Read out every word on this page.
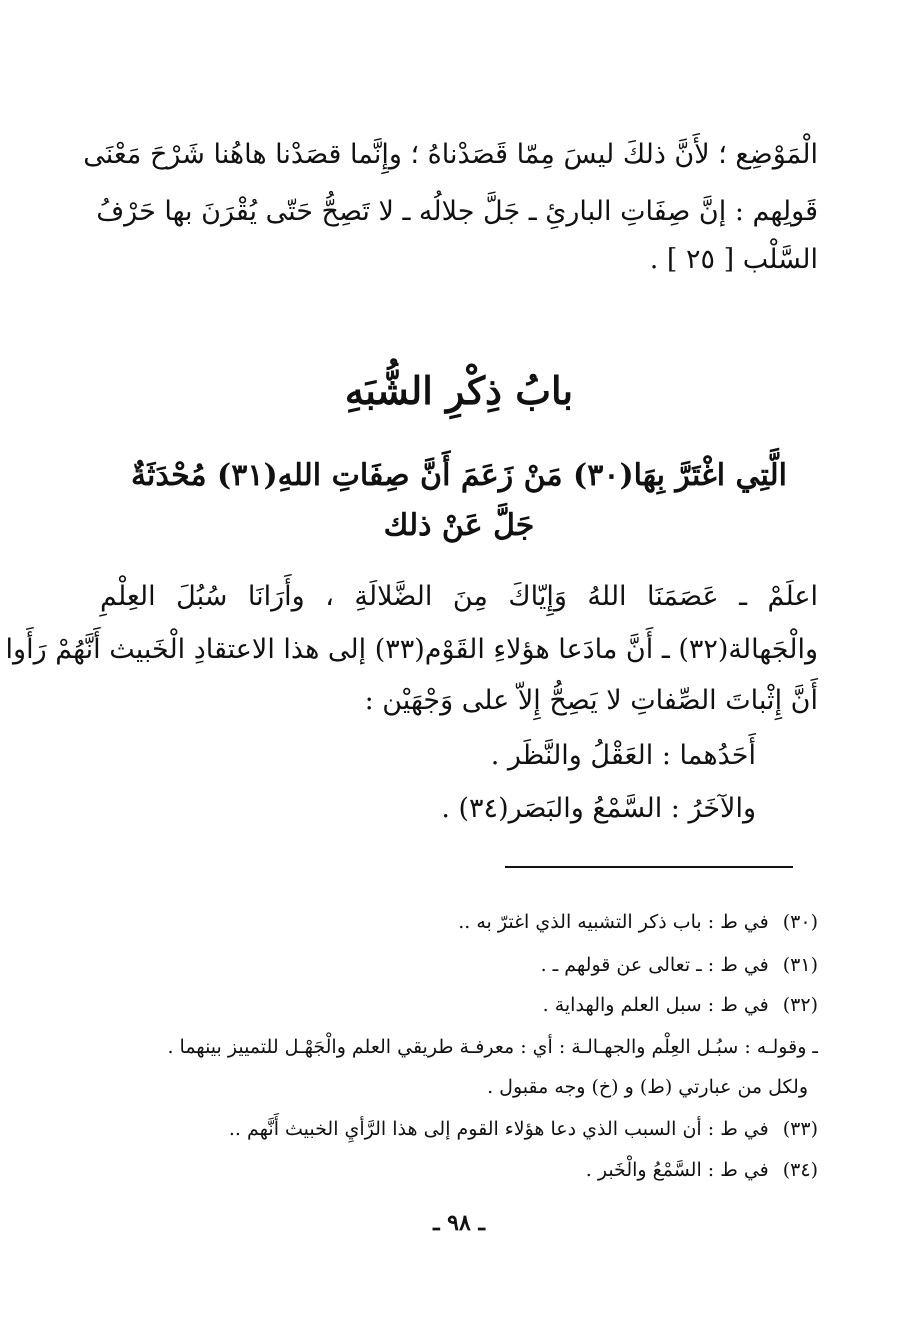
الْمَوْضِع ؛ لأَنَّ ذلكَ ليسَ مِمّا قَصَدْناهُ ؛ وإِنَّما قصَدْنا هاهُنا شَرْحَ مَعْنَى
قَولِهم : إنَّ صِفَاتِ البارئِ ـ جَلَّ جلالُه ـ لا تَصِحُّ حَتّى يُقْرَنَ بها حَرْفُ
السَّلْب [ ٢٥ ] .
بابُ ذِكْرِ الشُّبَهِ
الَّتِي اغْتَرَّ بِهَا(٣٠) مَنْ زَعَمَ أَنَّ صِفَاتِ اللهِ(٣١) مُحْدَثَةٌ
جَلَّ عَنْ ذلك
اعلَمْ ـ عَصَمَنَا اللهُ وَإِيّاكَ مِنَ الضَّلالَةِ ، وأَرَانَا سُبُلَ العِلْمِ
والْجَهالة(٣٢) ـ أَنَّ مادَعا هؤلاءِ القَوْم(٣٣) إلى هذا الاعتقادِ الْخَبيث أَنَّهُمْ رَأَوا
أَنَّ إِثْباتَ الصِّفاتِ لا يَصِحُّ إِلاّ على وَجْهَيْن :
أَحَدُهما : العَقْلُ والنَّظَر .
والآخَرُ : السَّمْعُ والبَصَر(٣٤) .
(٣٠)في ط : باب ذكر التشبيه الذي اغترّ به ..
(٣١)في ط : ـ تعالى عن قولهم ـ .
(٣٢)في ط : سبل العلم والهداية .
ـ وقولـه : سبُـل العِلْم والجهـالـة : أي : معرفـة طريقي العلم والْجَهْـل للتمييز بينهما .
ولكل من عبارتي (ط) و (خ) وجه مقبول .
(٣٣)في ط : أن السبب الذي دعا هؤلاء القوم إلى هذا الرَّأيِ الخبيث أَنَّهم ..
(٣٤)في ط : السَّمْعُ والْخَبر .
ـ ٩٨ ـ
